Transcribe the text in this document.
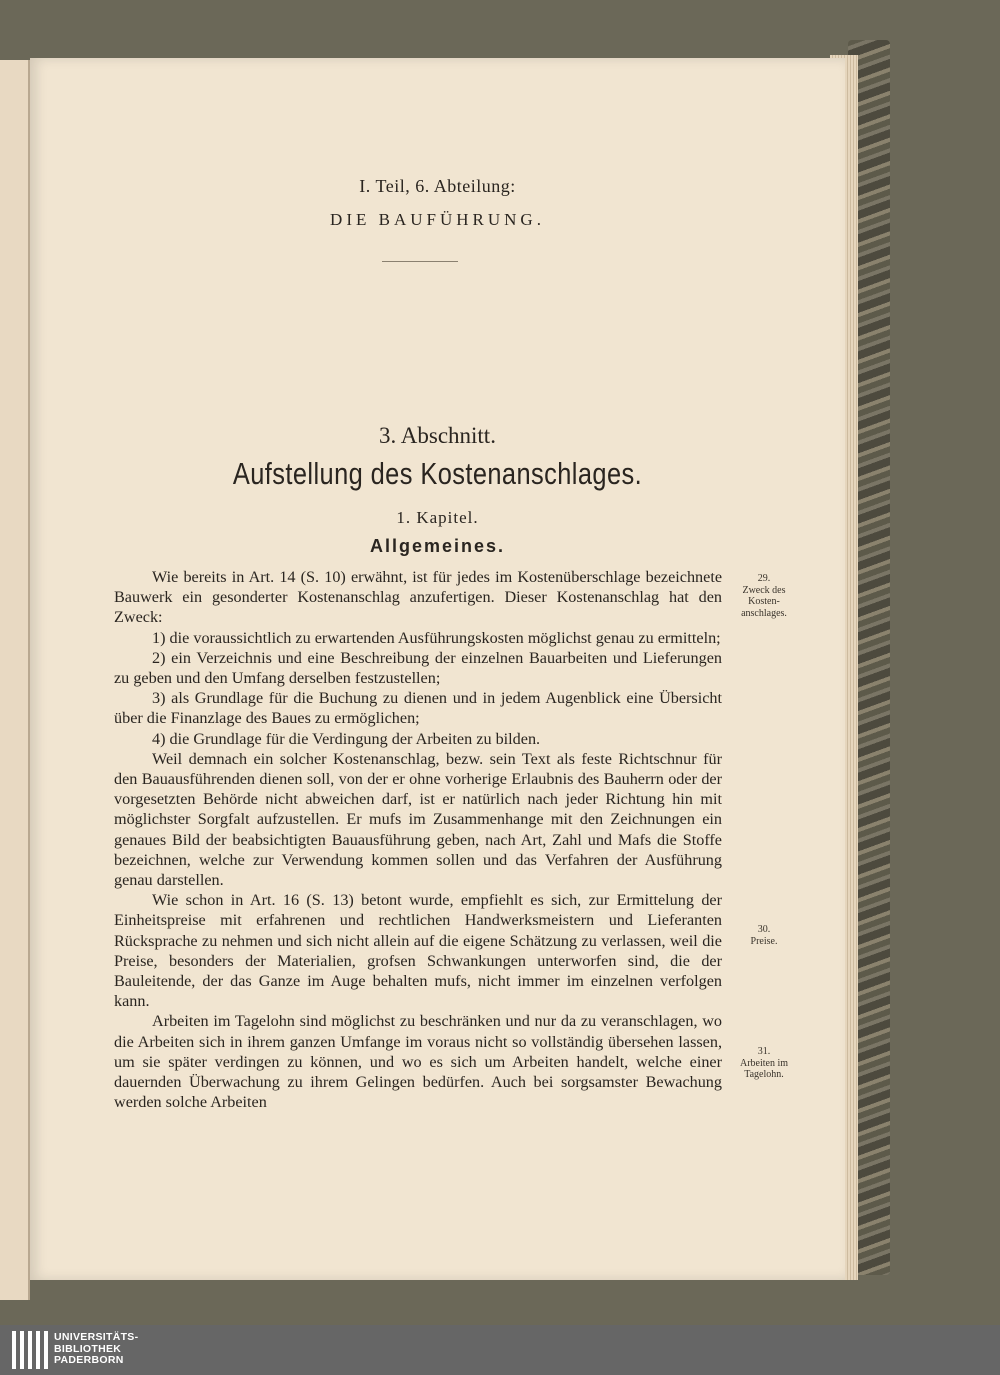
I. Teil, 6. Abteilung:
DIE BAUFÜHRUNG.
3. Abschnitt.
Aufstellung des Kostenanschlages.
1. Kapitel.
Allgemeines.

Wie bereits in Art. 14 (S. 10) erwähnt, ist für jedes im Kostenüberschlage bezeichnete Bauwerk ein gesonderter Kostenanschlag anzufertigen. Dieser Kostenanschlag hat den Zweck:

1) die voraussichtlich zu erwartenden Ausführungskosten möglichst genau zu ermitteln;

2) ein Verzeichnis und eine Beschreibung der einzelnen Bauarbeiten und Lieferungen zu geben und den Umfang derselben festzustellen;

3) als Grundlage für die Buchung zu dienen und in jedem Augenblick eine Übersicht über die Finanzlage des Baues zu ermöglichen;

4) die Grundlage für die Verdingung der Arbeiten zu bilden.

Weil demnach ein solcher Kostenanschlag, bezw. sein Text als feste Richtschnur für den Bauausführenden dienen soll, von der er ohne vorherige Erlaubnis des Bauherrn oder der vorgesetzten Behörde nicht abweichen darf, ist er natürlich nach jeder Richtung hin mit möglichster Sorgfalt aufzustellen. Er mufs im Zusammenhange mit den Zeichnungen ein genaues Bild der beabsichtigten Bauausführung geben, nach Art, Zahl und Mafs die Stoffe bezeichnen, welche zur Verwendung kommen sollen und das Verfahren der Ausführung genau darstellen.

Wie schon in Art. 16 (S. 13) betont wurde, empfiehlt es sich, zur Ermittelung der Einheitspreise mit erfahrenen und rechtlichen Handwerksmeistern und Lieferanten Rücksprache zu nehmen und sich nicht allein auf die eigene Schätzung zu verlassen, weil die Preise, besonders der Materialien, grofsen Schwankungen unterworfen sind, die der Bauleitende, der das Ganze im Auge behalten mufs, nicht immer im einzelnen verfolgen kann.

Arbeiten im Tagelohn sind möglichst zu beschränken und nur da zu veranschlagen, wo die Arbeiten sich in ihrem ganzen Umfange im voraus nicht so vollständig übersehen lassen, um sie später verdingen zu können, und wo es sich um Arbeiten handelt, welche einer dauernden Überwachung zu ihrem Gelingen bedürfen. Auch bei sorgsamster Bewachung werden solche Arbeiten

29.
Zweck des Kosten- anschlages.
30.
Preise.
31.
Arbeiten im Tagelohn.
UNIVERSITÄTS-
BIBLIOTHEK
PADERBORN
